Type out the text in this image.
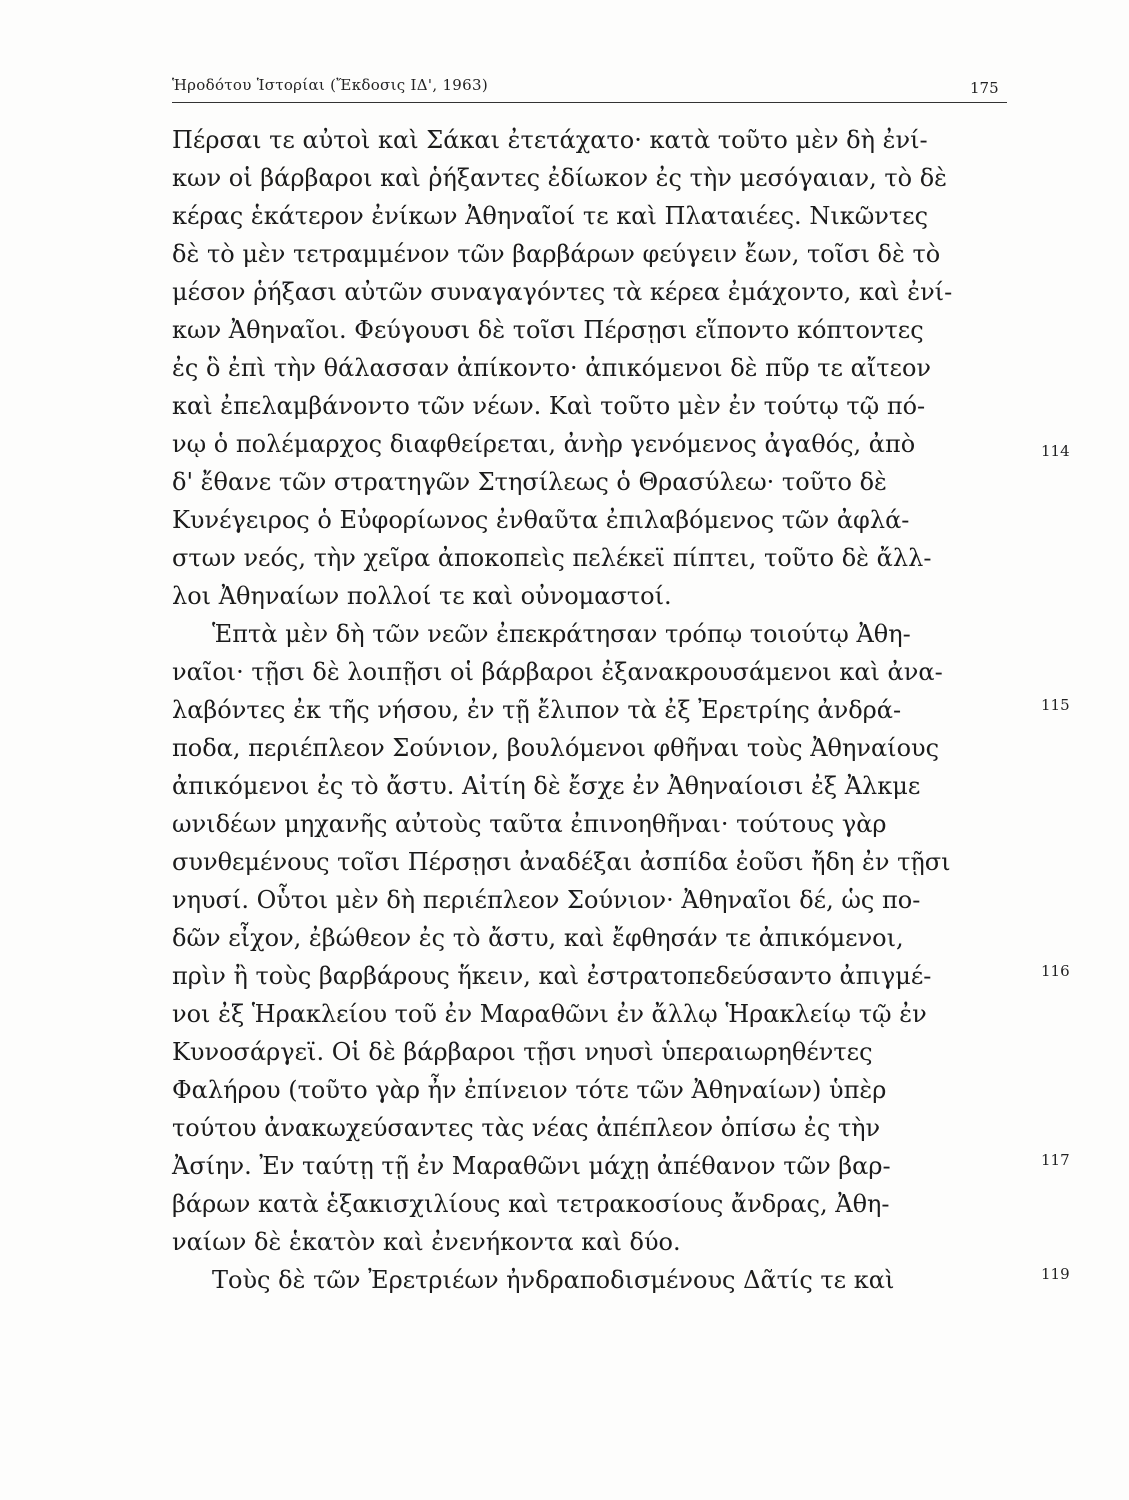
Ἡροδότου Ἱστορίαι (Ἔκδοσις ΙΔ', 1963)	175
Πέρσαι τε αὐτοὶ καὶ Σάκαι ἐτετάχατο· κατὰ τοῦτο μὲν δὴ ἐνί-
κων οἱ βάρβαροι καὶ ῥήξαντες ἐδίωκον ἐς τὴν μεσόγαιαν, τὸ δὲ
κέρας ἑκάτερον ἐνίκων Ἀθηναῖοί τε καὶ Πλαταιέες. Νικῶντες
δὲ τὸ μὲν τετραμμένον τῶν βαρβάρων φεύγειν ἔων, τοῖσι δὲ τὸ
μέσον ῥήξασι αὐτῶν συναγαγόντες τὰ κέρεα ἐμάχοντο, καὶ ἐνί-
κων Ἀθηναῖοι. Φεύγουσι δὲ τοῖσι Πέρσῃσι εἵποντο κόπτοντες
ἐς ὃ ἐπὶ τὴν θάλασσαν ἀπίκοντο· ἀπικόμενοι δὲ πῦρ τε αἴτεον
καὶ ἐπελαμβάνοντο τῶν νέων. Καὶ τοῦτο μὲν ἐν τούτῳ τῷ πό-
νῳ ὁ πολέμαρχος διαφθείρεται, ἀνὴρ γενόμενος ἀγαθός, ἀπὸ
δ' ἔθανε τῶν στρατηγῶν Στησίλεως ὁ Θρασύλεω· τοῦτο δὲ
Κυνέγειρος ὁ Εὐφορίωνος ἐνθαῦτα ἐπιλαβόμενος τῶν ἀφλά-
στων νεός, τὴν χεῖρα ἀποκοπεὶς πελέκεϊ πίπτει, τοῦτο δὲ ἄλλ-
λοι Ἀθηναίων πολλοί τε καὶ οὐνομαστοί.
Ἑπτὰ μὲν δὴ τῶν νεῶν ἐπεκράτησαν τρόπῳ τοιούτῳ Ἀθη-
ναῖοι· τῇσι δὲ λοιπῇσι οἱ βάρβαροι ἐξανακρουσάμενοι καὶ ἀνα-
λαβόντες ἐκ τῆς νήσου, ἐν τῇ ἔλιπον τὰ ἐξ Ἐρετρίης ἀνδρά-
ποδα, περιέπλεον Σούνιον, βουλόμενοι φθῆναι τοὺς Ἀθηναίους
ἀπικόμενοι ἐς τὸ ἄστυ. Αἰτίη δὲ ἔσχε ἐν Ἀθηναίοισι ἐξ Ἀλκμε
ωνιδέων μηχανῆς αὐτοὺς ταῦτα ἐπινοηθῆναι· τούτους γὰρ
συνθεμένους τοῖσι Πέρσῃσι ἀναδέξαι ἀσπίδα ἐοῦσι ἤδη ἐν τῇσι
νηυσί. Οὗτοι μὲν δὴ περιέπλεον Σούνιον· Ἀθηναῖοι δέ, ὡς πο-
δῶν εἶχον, ἐβώθεον ἐς τὸ ἄστυ, καὶ ἔφθησάν τε ἀπικόμενοι,
πρὶν ἢ τοὺς βαρβάρους ἥκειν, καὶ ἐστρατοπεδεύσαντο ἀπιγμέ-
νοι ἐξ Ἡρακλείου τοῦ ἐν Μαραθῶνι ἐν ἄλλῳ Ἡρακλείῳ τῷ ἐν
Κυνοσάργεϊ. Οἱ δὲ βάρβαροι τῇσι νηυσὶ ὑπεραιωρηθέντες
Φαλήρου (τοῦτο γὰρ ἦν ἐπίνειον τότε τῶν Ἀθηναίων) ὑπὲρ
τούτου ἀνακωχεύσαντες τὰς νέας ἀπέπλεον ὀπίσω ἐς τὴν
Ἀσίην. Ἐν ταύτῃ τῇ ἐν Μαραθῶνι μάχῃ ἀπέθανον τῶν βαρ-
βάρων κατὰ ἑξακισχιλίους καὶ τετρακοσίους ἄνδρας, Ἀθη-
ναίων δὲ ἑκατὸν καὶ ἐνενήκοντα καὶ δύο.
Τοὺς δὲ τῶν Ἐρετριέων ἠνδραποδισμένους Δᾶτίς τε καὶ
114
115
116
117
119
